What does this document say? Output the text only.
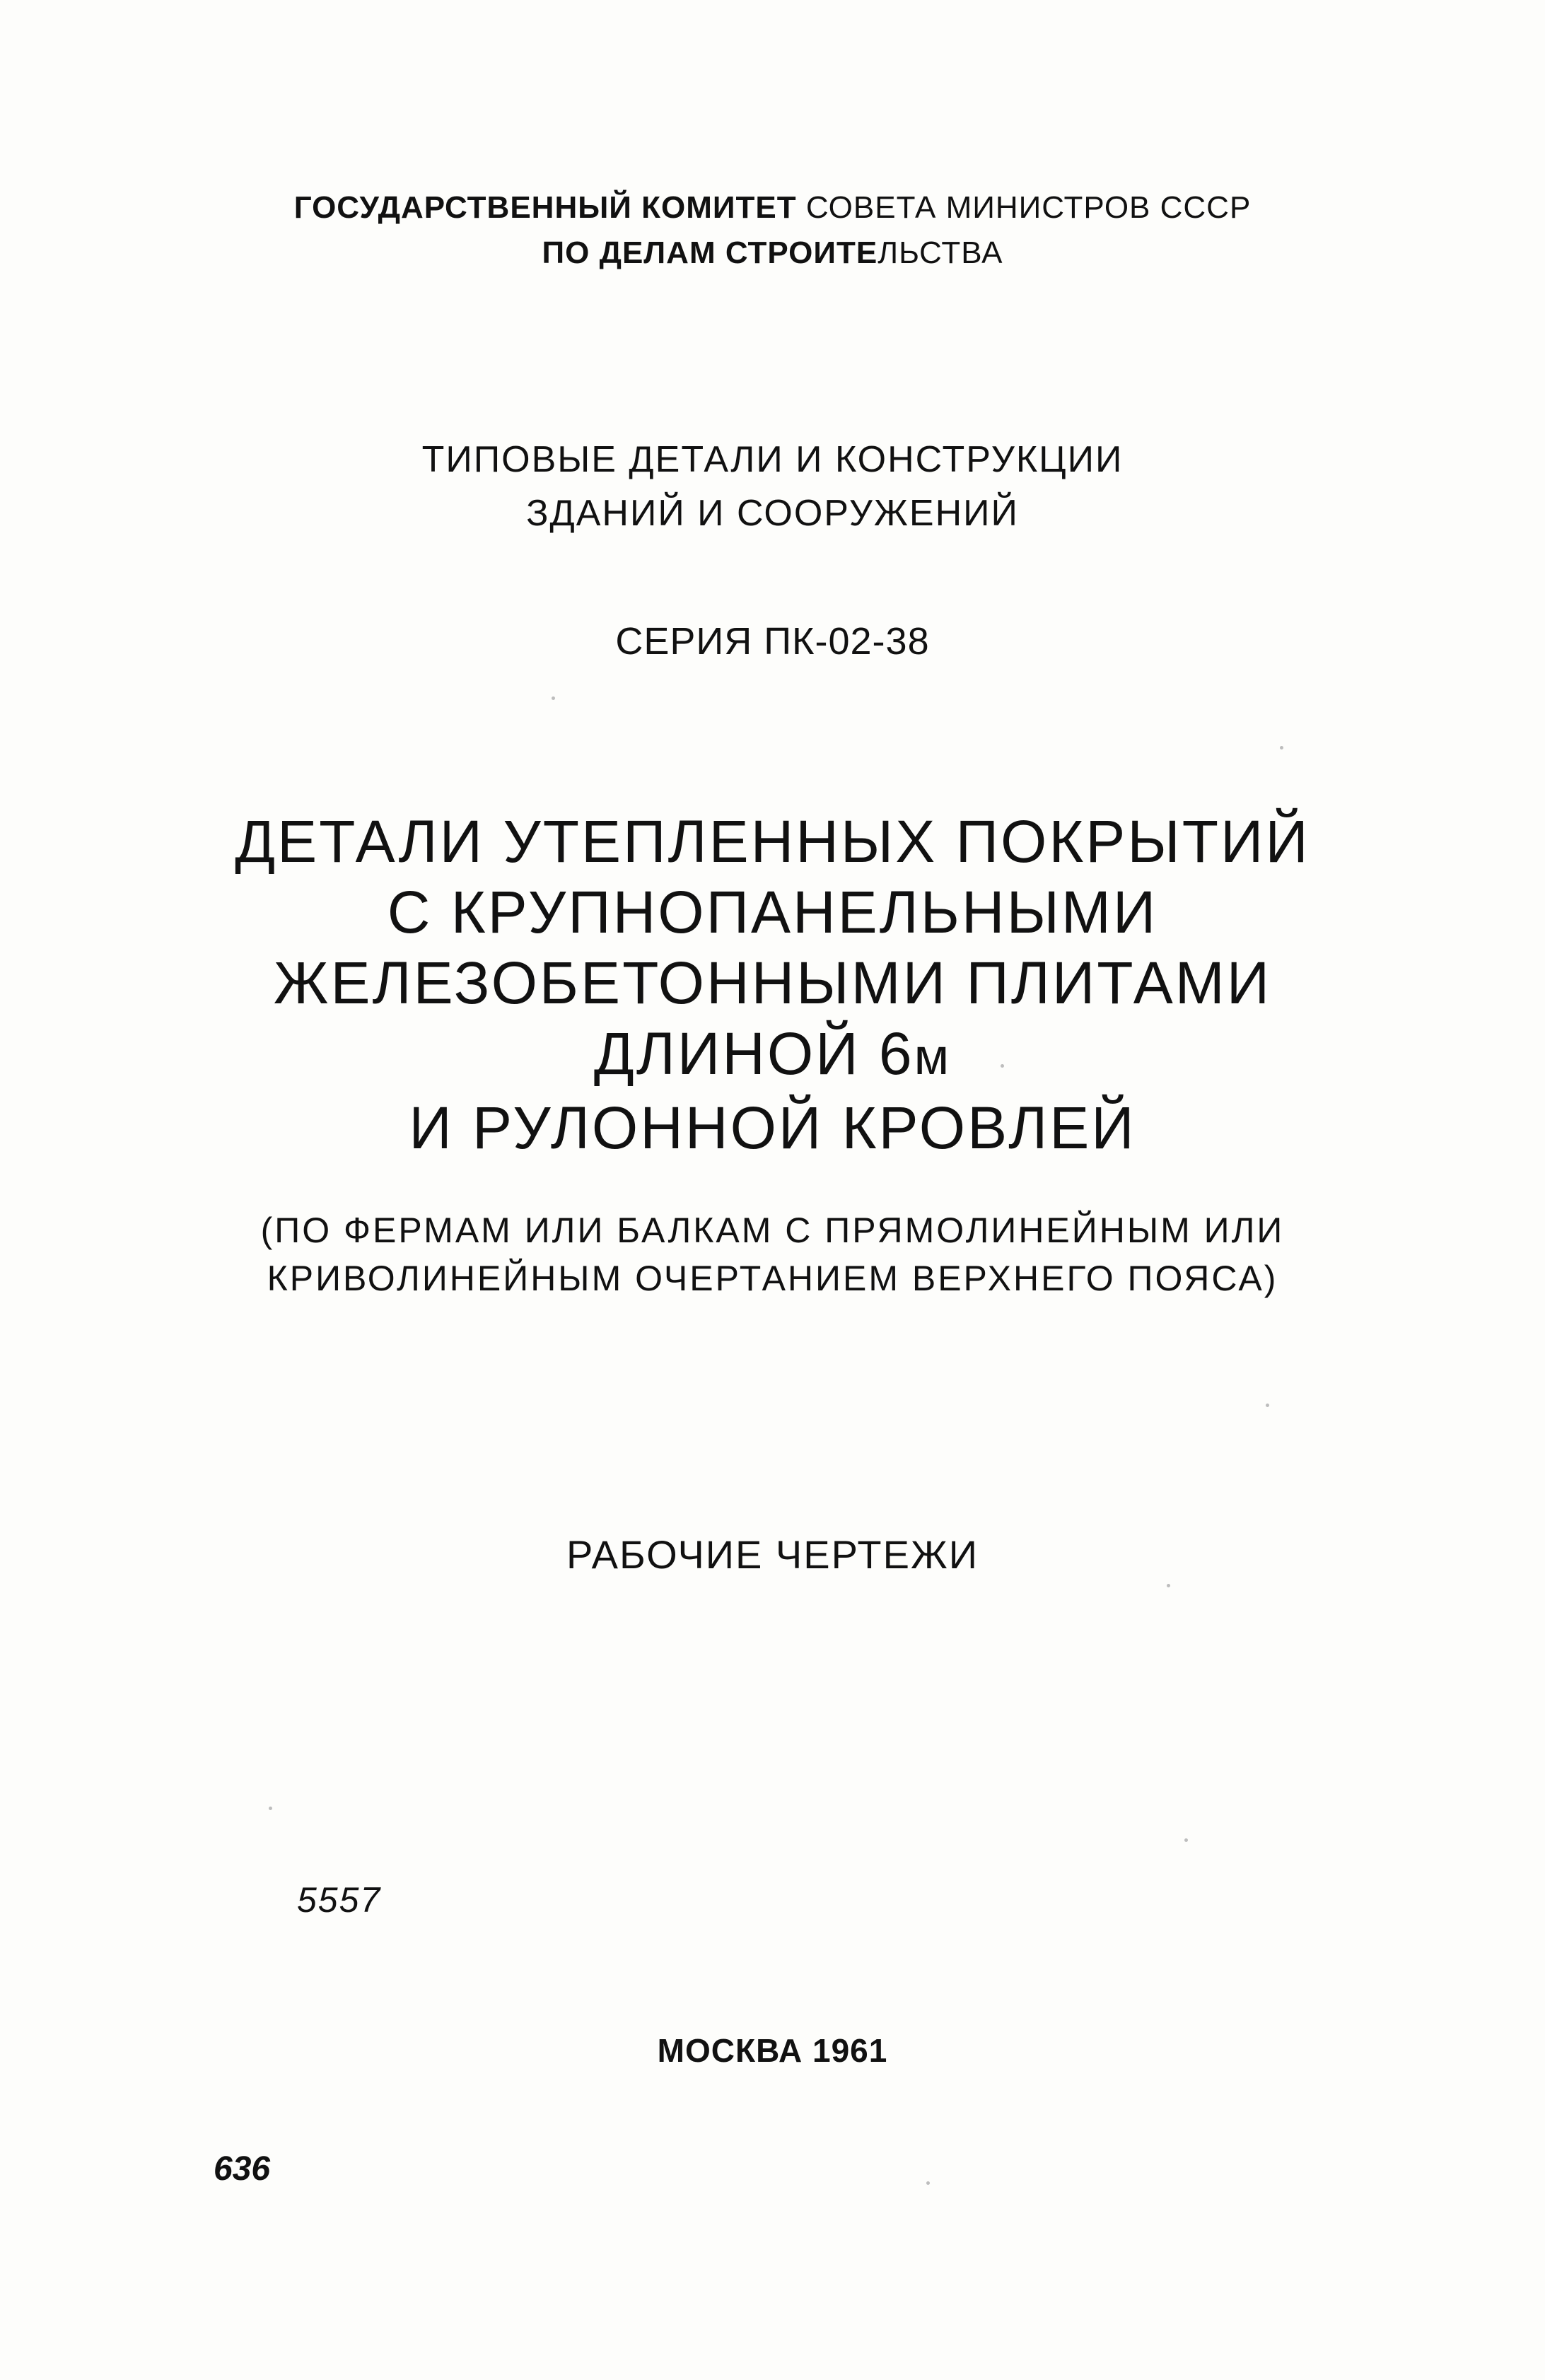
ГОСУДАРСТВЕННЫЙ КОМИТЕТ СОВЕТА МИНИСТРОВ СССР
ПО ДЕЛАМ СТРОИТЕЛЬСТВА
ТИПОВЫЕ ДЕТАЛИ И КОНСТРУКЦИИ
ЗДАНИЙ И СООРУЖЕНИЙ
СЕРИЯ ПК-02-38
ДЕТАЛИ УТЕПЛЕННЫХ ПОКРЫТИЙ
С КРУПНОПАНЕЛЬНЫМИ
ЖЕЛЕЗОБЕТОННЫМИ ПЛИТАМИ
ДЛИНОЙ 6м
И РУЛОННОЙ КРОВЛЕЙ
(ПО ФЕРМАМ ИЛИ БАЛКАМ С ПРЯМОЛИНЕЙНЫМ ИЛИ
КРИВОЛИНЕЙНЫМ ОЧЕРТАНИЕМ ВЕРХНЕГО ПОЯСА)
РАБОЧИЕ ЧЕРТЕЖИ
5557
МОСКВА 1961
636
